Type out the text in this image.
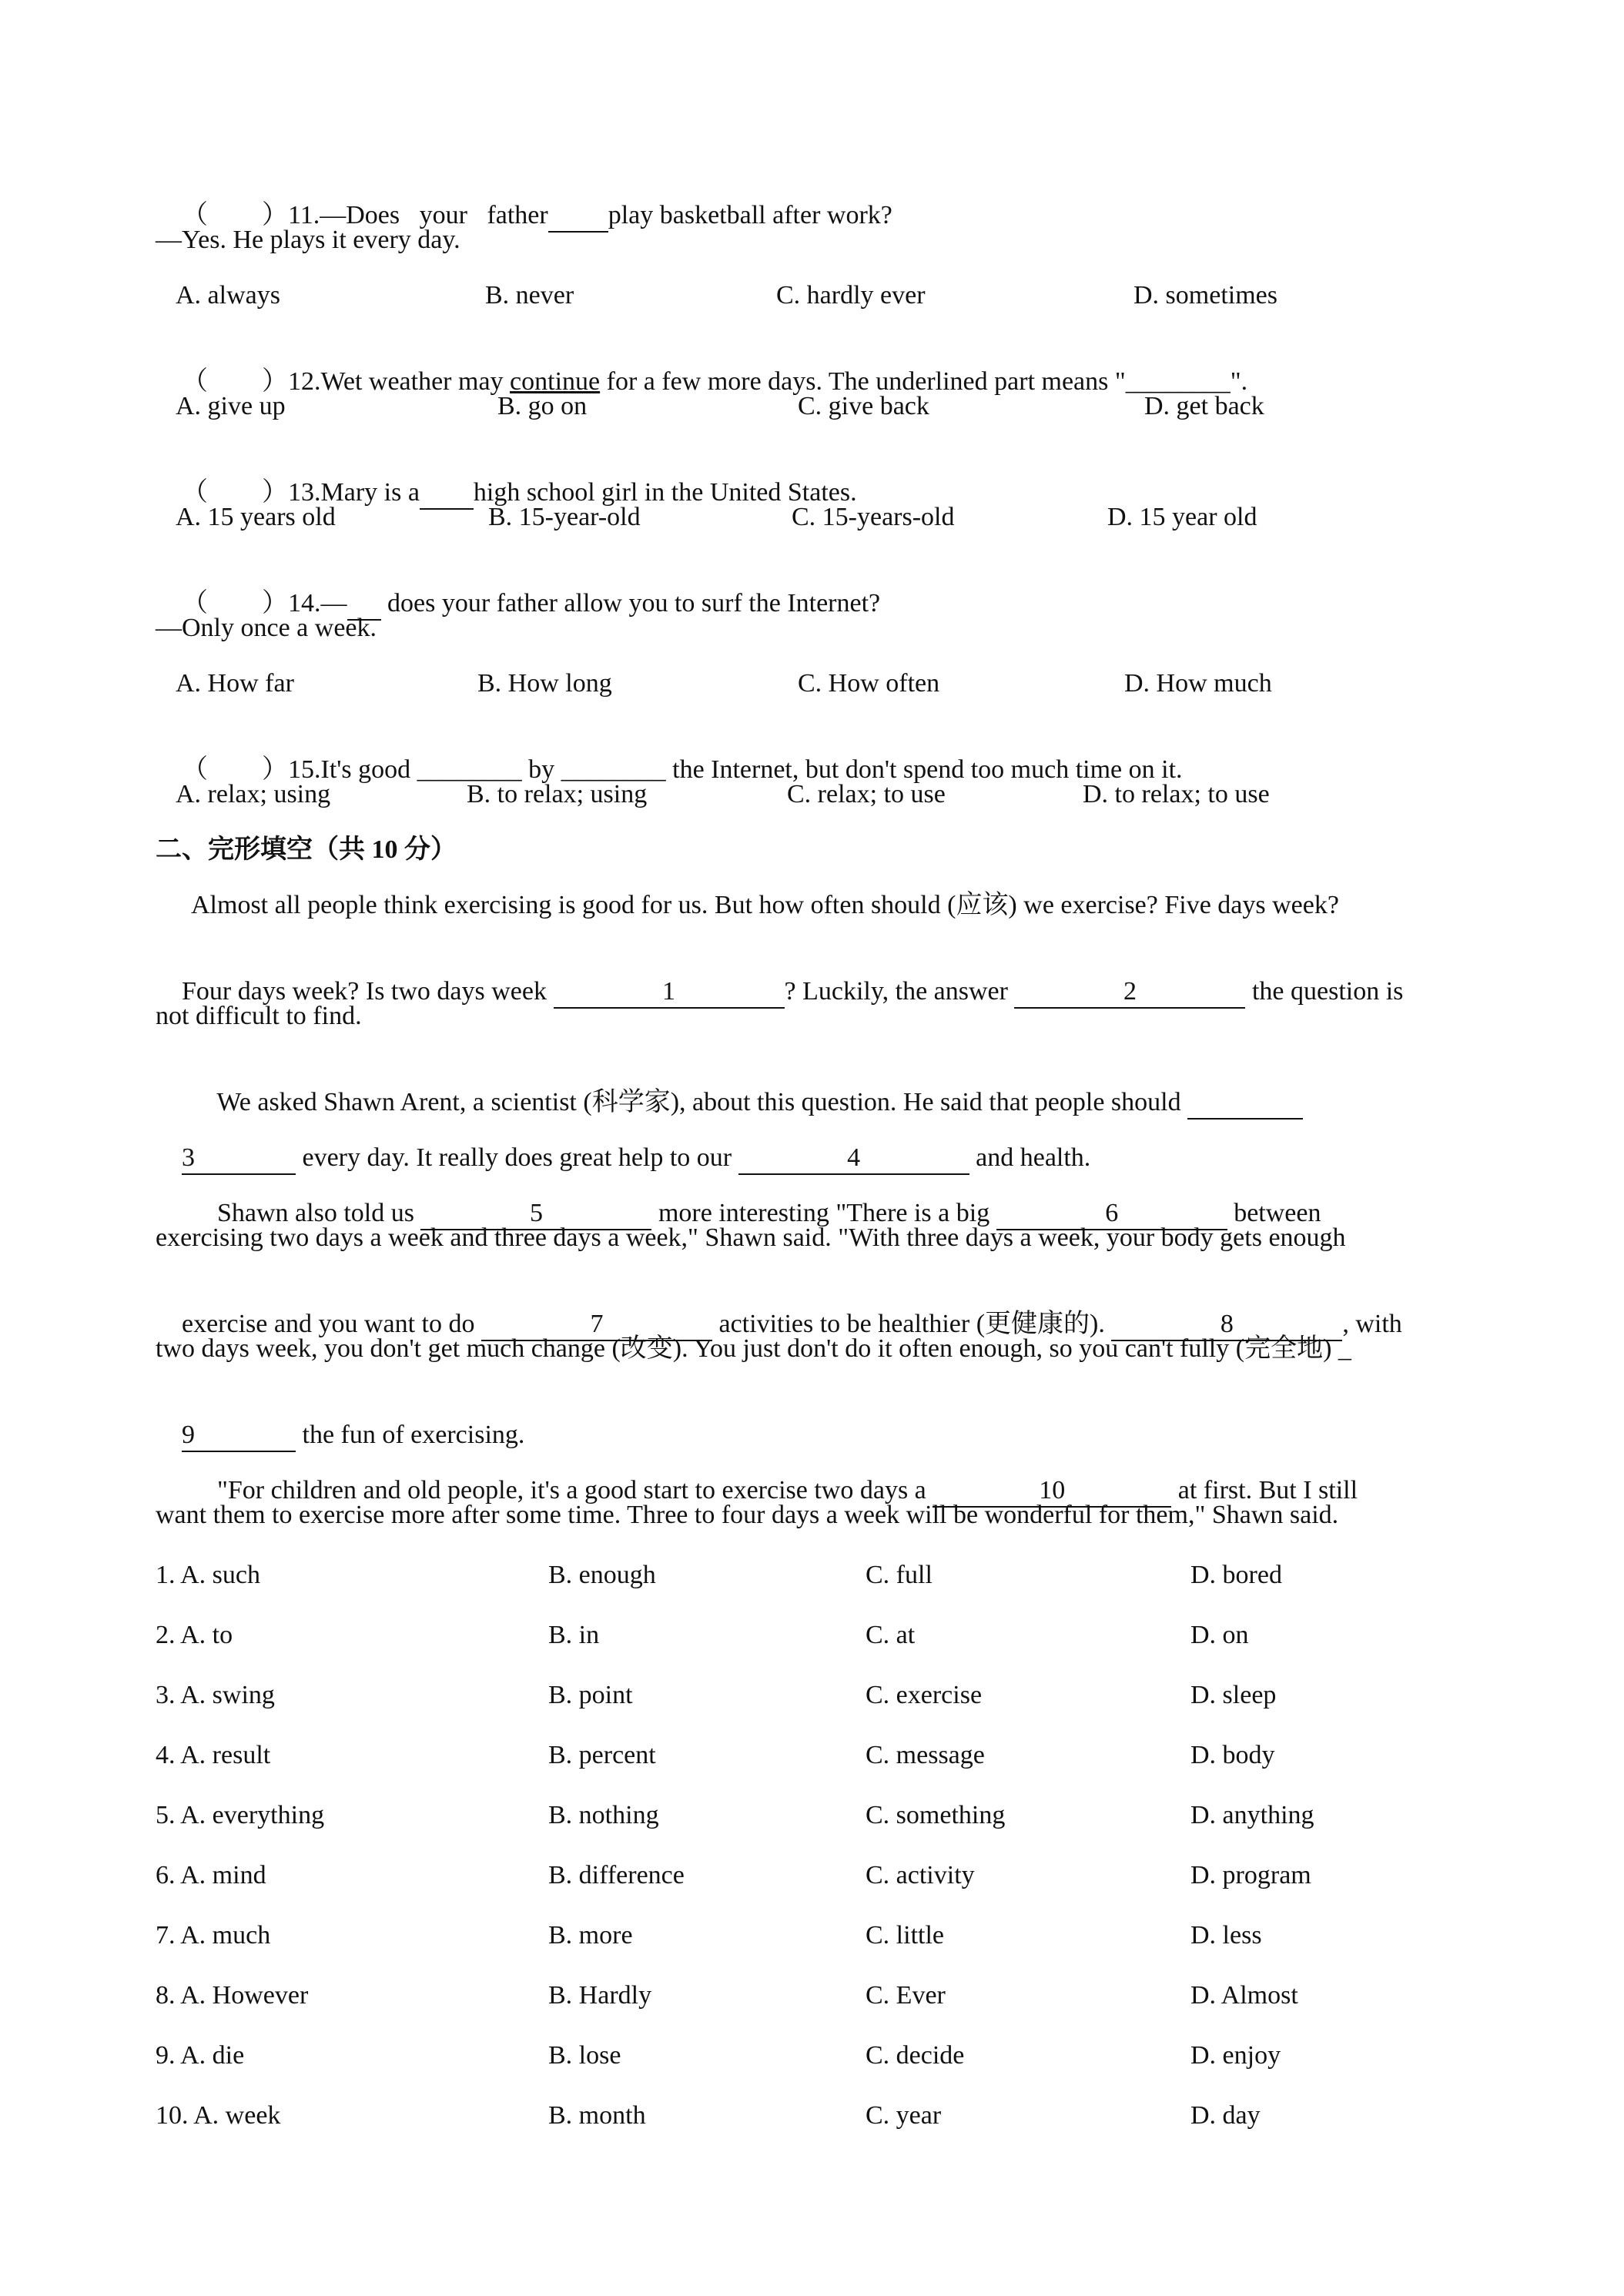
（ ）11.—Does   your   father play basketball after work?

—Yes. He plays it every day.
A. always	B. never	C. hardly ever	D. sometimes

（ ）12.Wet weather may continue for a few more days. The underlined part means "________".

A. give up	B. go on	C. give back	D. get back

（ ）13.Mary is a high school girl in the United States.

A. 15 years old	B. 15-year-old	C. 15-years-old	D. 15 year old

（ ）14.—  does your father allow you to surf the Internet?

—Only once a week.
A. How far	B. How long	C. How often	D. How much

（ ）15.It's good ________ by ________ the Internet, but don't spend too much time on it.

A. relax; using	B. to relax; using	C. relax; to use	D. to relax; to use
二、完形填空（共 10 分）
Almost all people think exercising is good for us. But how often should (应该) we exercise? Five days week?

Four days week? Is two days week	1	? Luckily, the answer	2	the question is

not difficult to find.

We asked Shawn Arent, a scientist (科学家), about this question. He said that people should

3	every day. It really does great help to our	4	and health.

Shawn also told us	5	more interesting "There is a big	6	between

exercising two days a week and three days a week," Shawn said. "With three days a week, your body gets enough

exercise and you want to do	7	activities to be healthier (更健康的).	8	, with

two days week, you don't get much change (改变). You just don't do it often enough, so you can't fully (完全地) _

9	the fun of exercising.

"For children and old people, it's a good start to exercise two days a	10	at first. But I still

want them to exercise more after some time. Three to four days a week will be wonderful for them," Shawn said.
1. A. such	B. enough	C. full	D. bored
2. A. to	B. in	C. at	D. on
3. A. swing	B. point	C. exercise	D. sleep
4. A. result	B. percent	C. message	D. body
5. A. everything	B. nothing	C. something	D. anything
6. A. mind	B. difference	C. activity	D. program
7. A. much	B. more	C. little	D. less
8. A. However	B. Hardly	C. Ever	D. Almost
9. A. die	B. lose	C. decide	D. enjoy
10. A. week	B. month	C. year	D. day
